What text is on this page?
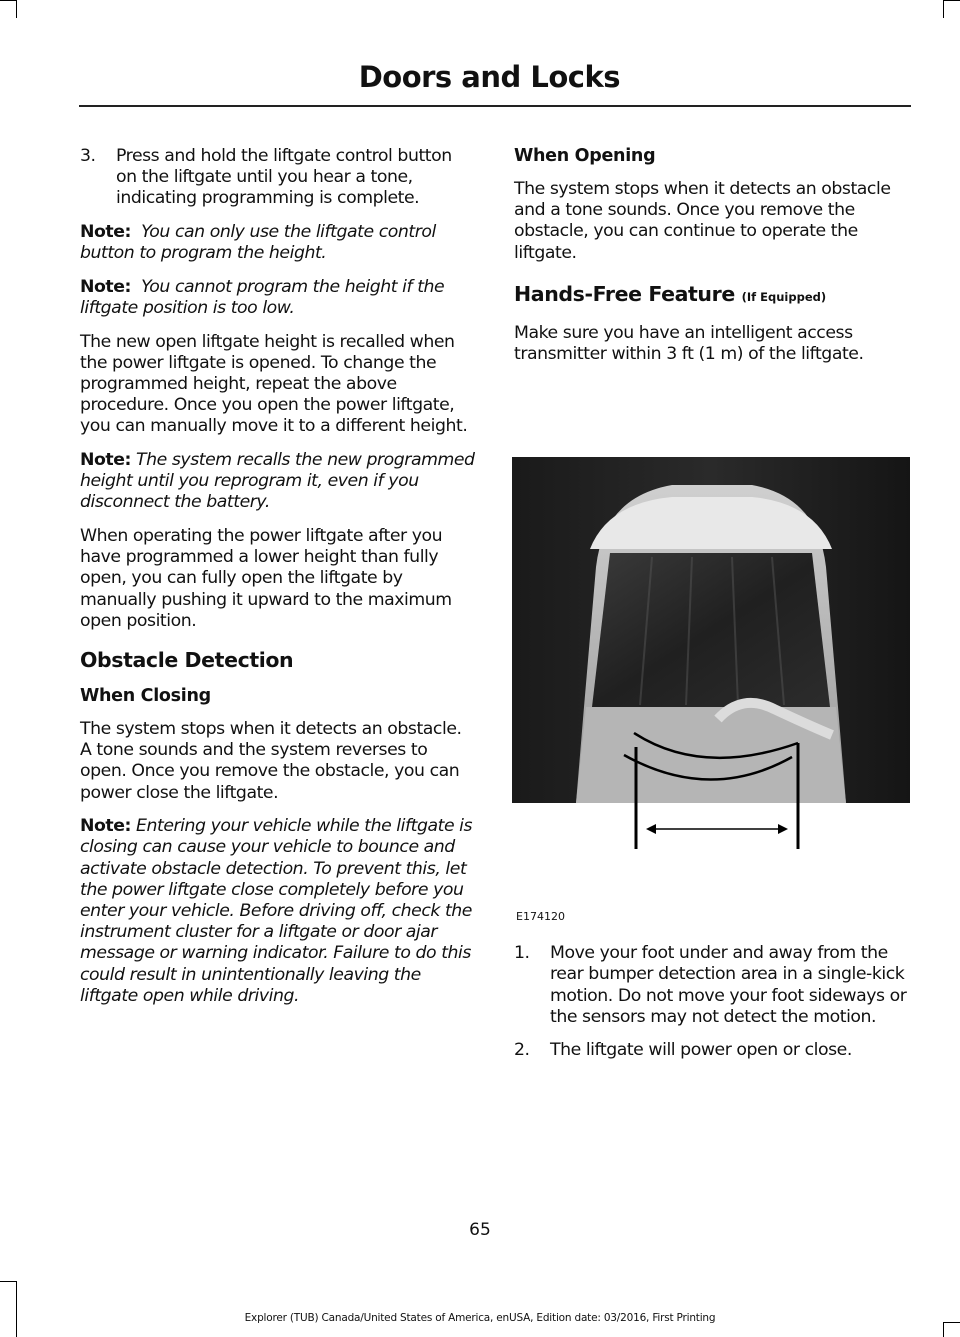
Doors and Locks
3.	Press and hold the liftgate control button on the liftgate until you hear a tone, indicating programming is complete.

Note: You can only use the liftgate control button to program the height.

Note: You cannot program the height if the liftgate position is too low.

The new open liftgate height is recalled when the power liftgate is opened. To change the programmed height, repeat the above procedure. Once you open the power liftgate, you can manually move it to a different height.

Note: The system recalls the new programmed height until you reprogram it, even if you disconnect the battery.

When operating the power liftgate after you have programmed a lower height than fully open, you can fully open the liftgate by manually pushing it upward to the maximum open position.

Obstacle Detection
When Closing

The system stops when it detects an obstacle. A tone sounds and the system reverses to open. Once you remove the obstacle, you can power close the liftgate.

Note: Entering your vehicle while the liftgate is closing can cause your vehicle to bounce and activate obstacle detection. To prevent this, let the power liftgate close completely before you enter your vehicle. Before driving off, check the instrument cluster for a liftgate or door ajar message or warning indicator. Failure to do this could result in unintentionally leaving the liftgate open while driving.

When Opening

The system stops when it detects an obstacle and a tone sounds. Once you remove the obstacle, you can continue to operate the liftgate.

Hands-Free Feature (If Equipped)

Make sure you have an intelligent access transmitter within 3 ft (1 m) of the liftgate.

E174120
1.	Move your foot under and away from the rear bumper detection area in a single-kick motion. Do not move your foot sideways or the sensors may not detect the motion.
2.	The liftgate will power open or close.
65
Explorer (TUB) Canada/United States of America, enUSA, Edition date: 03/2016, First Printing
